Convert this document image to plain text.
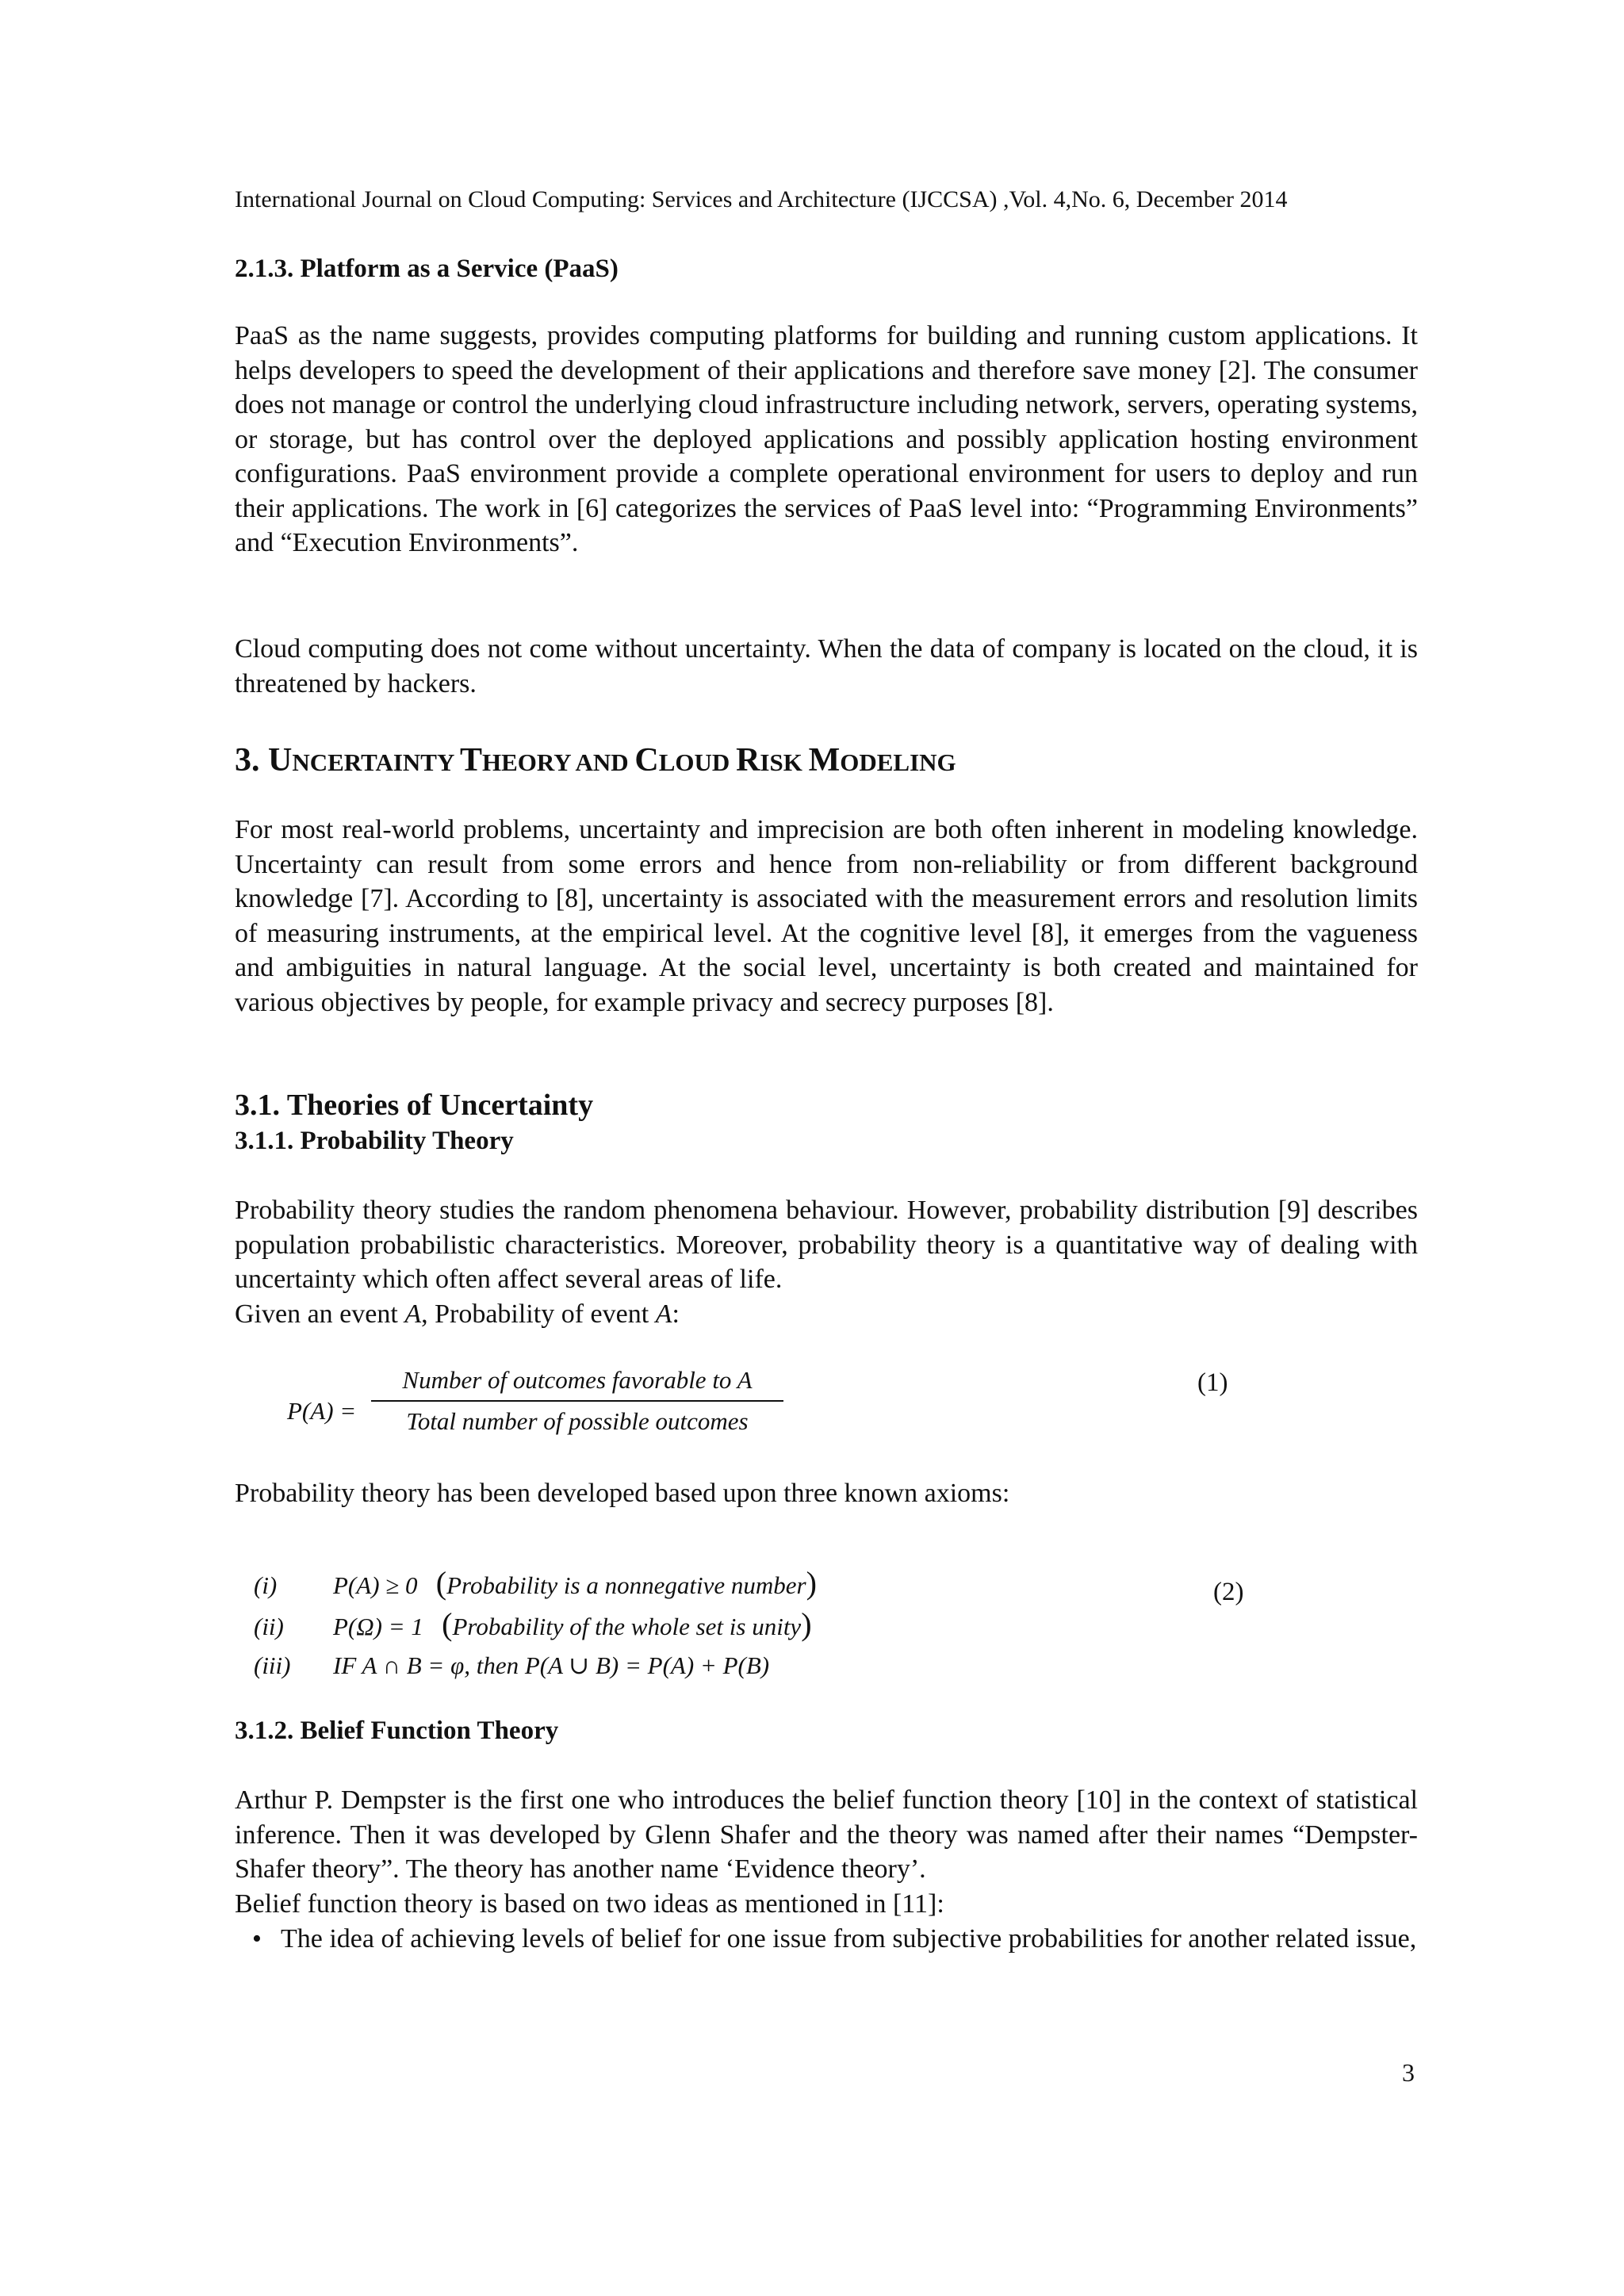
International Journal on Cloud Computing: Services and Architecture (IJCCSA) ,Vol. 4,No. 6, December 2014
2.1.3. Platform as a Service (PaaS)

PaaS as the name suggests, provides computing platforms for building and running custom applications. It helps developers to speed the development of their applications and therefore save money [2]. The consumer does not manage or control the underlying cloud infrastructure including network, servers, operating systems, or storage, but has control over the deployed applications and possibly application hosting environment configurations. PaaS environment provide a complete operational environment for users to deploy and run their applications. The work in [6] categorizes the services of PaaS level into: “Programming Environments” and “Execution Environments”.

Cloud computing does not come without uncertainty. When the data of company is located on the cloud, it is threatened by hackers.

3. UNCERTAINTY THEORY AND CLOUD RISK MODELING

For most real-world problems, uncertainty and imprecision are both often inherent in modeling knowledge. Uncertainty can result from some errors and hence from non-reliability or from different background knowledge [7]. According to [8], uncertainty is associated with the measurement errors and resolution limits of measuring instruments, at the empirical level. At the cognitive level [8], it emerges from the vagueness and ambiguities in natural language. At the social level, uncertainty is both created and maintained for various objectives by people, for example privacy and secrecy purposes [8].

3.1. Theories of Uncertainty
3.1.1. Probability Theory

Probability theory studies the random phenomena behaviour. However, probability distribution [9] describes population probabilistic characteristics. Moreover, probability theory is a quantitative way of dealing with uncertainty which often affect several areas of life.

Given an event A, Probability of event A:
P(A) =
Number of outcomes favorable to A
Total number of possible outcomes
(1)
Probability theory has been developed based upon three known axioms:
(i) P(A) ≥ 0 (Probability is a nonnegative number)
(ii) P(Ω) = 1 (Probability of the whole set is unity)
(iii) IF A ∩ B = φ, then P(A ∪ B) = P(A) + P(B)
(2)
3.1.2. Belief Function Theory

Arthur P. Dempster is the first one who introduces the belief function theory [10] in the context of statistical inference. Then it was developed by Glenn Shafer and the theory was named after their names “Dempster-Shafer theory”. The theory has another name ‘Evidence theory’.

Belief function theory is based on two ideas as mentioned in [11]:
• The idea of achieving levels of belief for one issue from subjective probabilities for another related issue,
3
